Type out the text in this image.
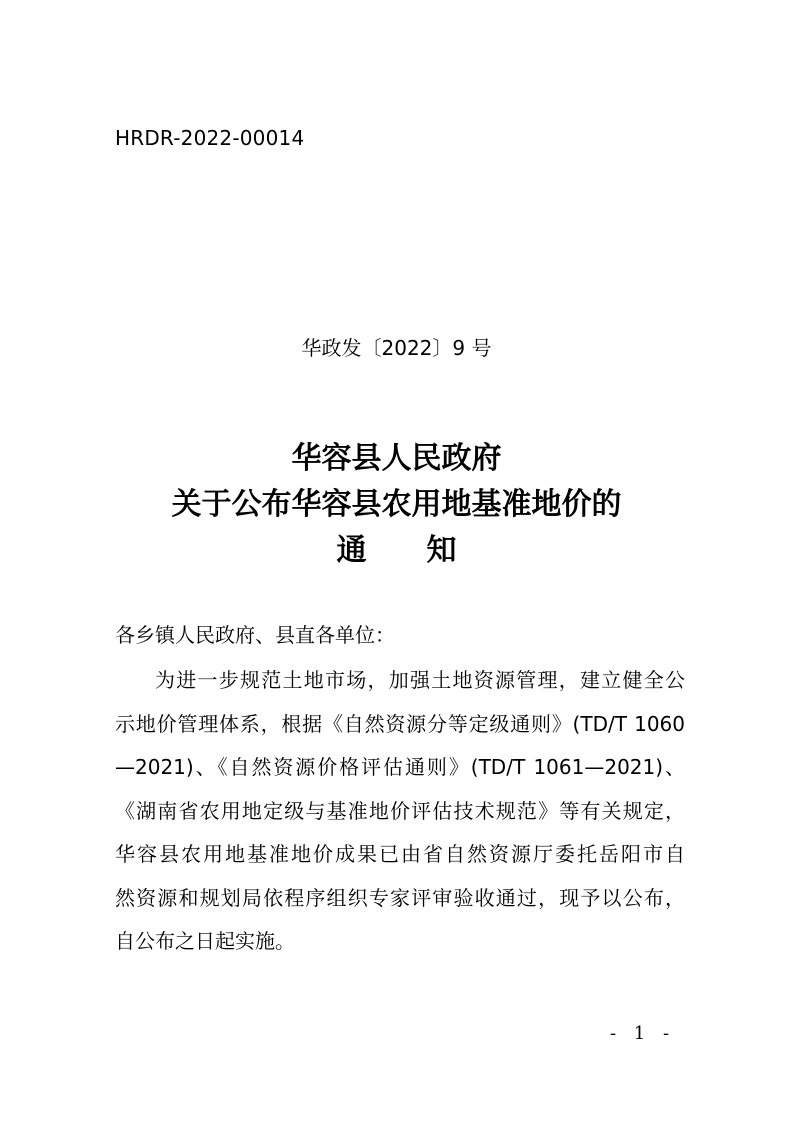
HRDR-2022-00014
华政发〔2022〕9 号
华容县人民政府
关于公布华容县农用地基准地价的
通　　知
各乡镇人民政府、县直各单位：
为进一步规范土地市场，加强土地资源管理，建立健全公
示地价管理体系，根据《自然资源分等定级通则》(TD/T 1060
—2021)、《自然资源价格评估通则》(TD/T 1061—2021)、
《湖南省农用地定级与基准地价评估技术规范》等有关规定，
华容县农用地基准地价成果已由省自然资源厅委托岳阳市自
然资源和规划局依程序组织专家评审验收通过，现予以公布，
自公布之日起实施。
- 1 -
